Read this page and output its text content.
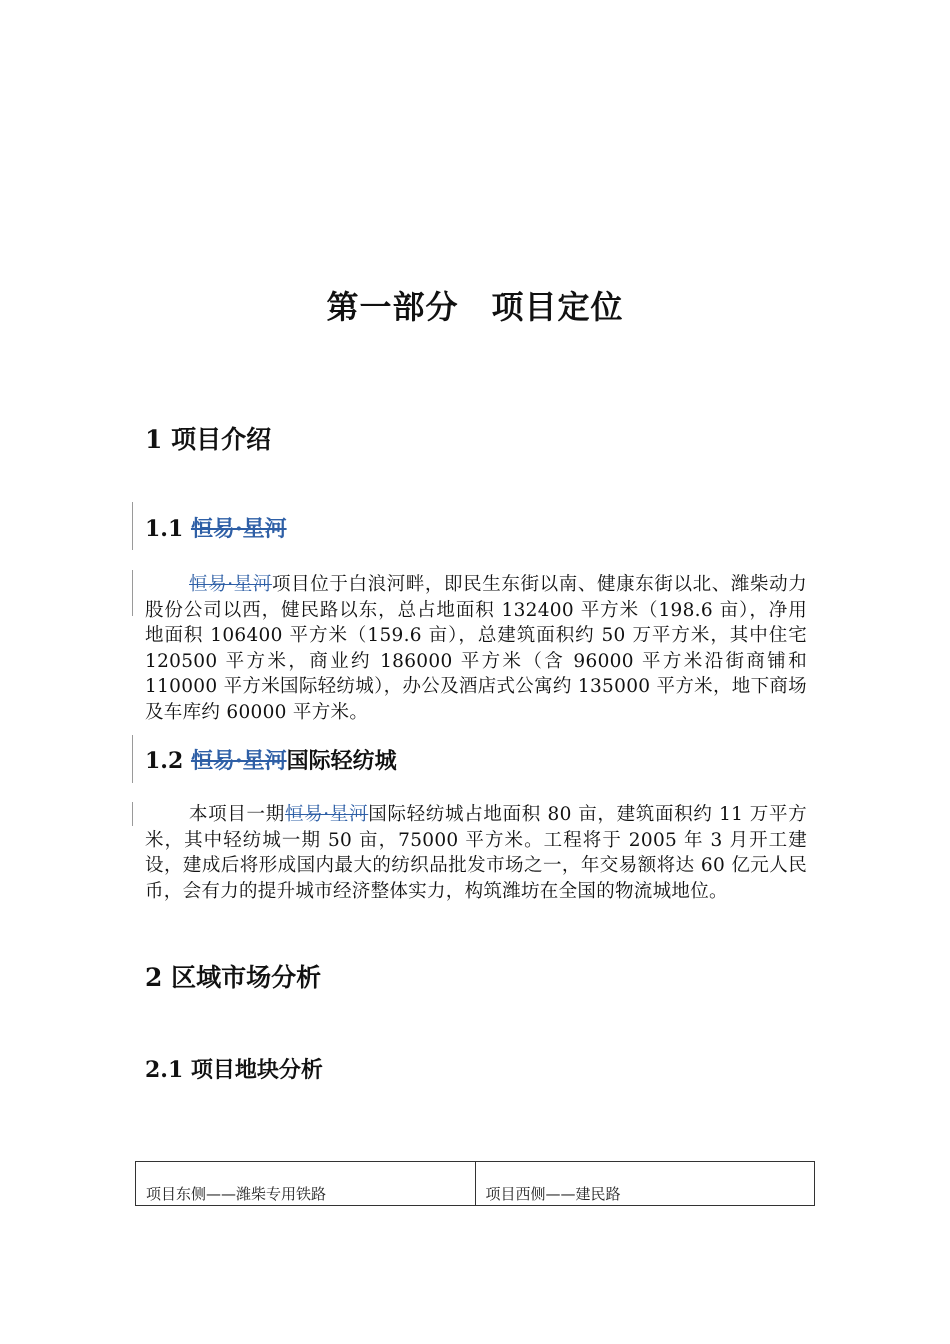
第一部分　项目定位
1 项目介绍
1.1 恒易·星河

恒易·星河项目位于白浪河畔，即民生东街以南、健康东街以北、潍柴动力股份公司以西，健民路以东，总占地面积 132400 平方米（198.6 亩），净用地面积 106400 平方米（159.6 亩），总建筑面积约 50 万平方米，其中住宅 120500 平方米，商业约 186000 平方米（含 96000 平方米沿街商铺和 110000 平方米国际轻纺城），办公及酒店式公寓约 135000 平方米，地下商场及车库约 60000 平方米。

1.2 恒易·星河国际轻纺城

本项目一期恒易·星河国际轻纺城占地面积 80 亩，建筑面积约 11 万平方米，其中轻纺城一期 50 亩，75000 平方米。工程将于 2005 年 3 月开工建设，建成后将形成国内最大的纺织品批发市场之一，年交易额将达 60 亿元人民币，会有力的提升城市经济整体实力，构筑潍坊在全国的物流城地位。

2 区域市场分析
2.1 项目地块分析
项目东侧——潍柴专用铁路	项目西侧——建民路
